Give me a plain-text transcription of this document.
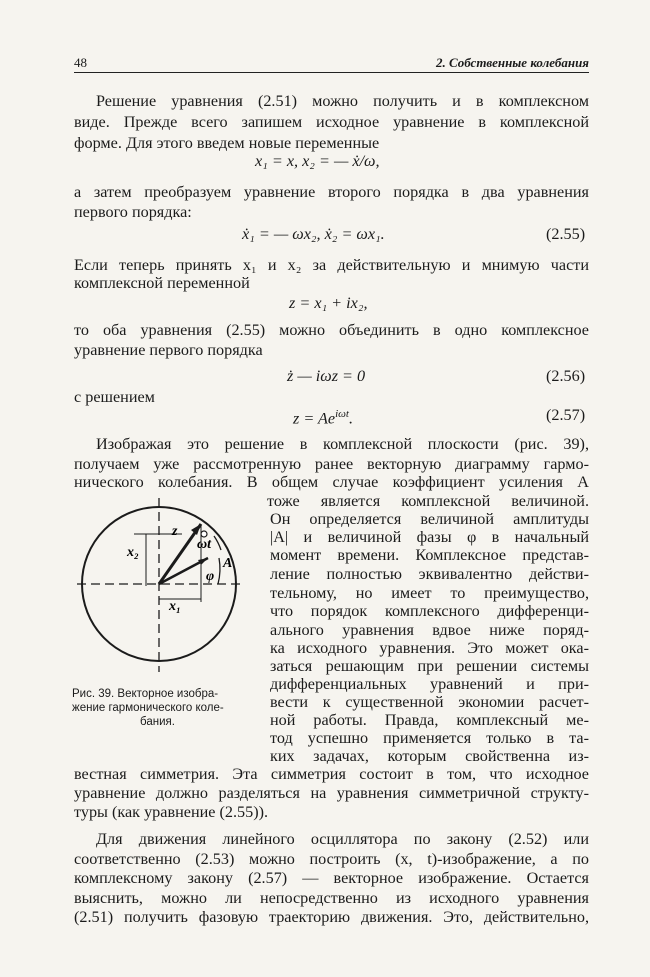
48	2. Собственные колебания
Решение уравнения (2.51) можно получить и в комплексном
виде. Прежде всего запишем исходное уравнение в комплексной
форме. Для этого введем новые переменные
x₁ = x, x₂ = — ẋ/ω,
а затем преобразуем уравнение второго порядка в два уравнения
первого порядка:
ẋ₁ = — ωx₂, ẋ₂ = ωx₁.	(2.55)
Если теперь принять x₁ и x₂ за действительную и мнимую части
комплексной переменной
z = x₁ + ix₂,
то оба уравнения (2.55) можно объединить в одно комплексное
уравнение первого порядка
ż — iωz = 0	(2.56)
с решением
$z = Ae^{i\omega t}$.	(2.57)
Изображая это решение в комплексной плоскости (рис. 39),
получаем уже рассмотренную ранее векторную диаграмму гармо-
нического колебания. В общем случае коэффициент усиления A
x₂
x₁
z
ωt
φ
A
Рис. 39. Векторное изобра-
жение гармонического коле-
бания.
тоже является комплексной величиной.
Он определяется величиной амплитуды
|A| и величиной фазы φ в начальный
момент времени. Комплексное представ-
ление полностью эквивалентно действи-
тельному, но имеет то преимущество,
что порядок комплексного дифференци-
ального уравнения вдвое ниже поряд-
ка исходного уравнения. Это может ока-
заться решающим при решении системы
дифференциальных уравнений и при-
вести к существенной экономии расчет-
ной работы. Правда, комплексный ме-
тод успешно применяется только в та-
ких задачах, которым свойственна из-
вестная симметрия. Эта симметрия состоит в том, что исходное
уравнение должно разделяться на уравнения симметричной структу-
туры (как уравнение (2.55)).
Для движения линейного осциллятора по закону (2.52) или
соответственно (2.53) можно построить (x, t)-изображение, а по
комплексному закону (2.57) — векторное изображение. Остается
выяснить, можно ли непосредственно из исходного уравнения
(2.51) получить фазовую траекторию движения. Это, действительно,
